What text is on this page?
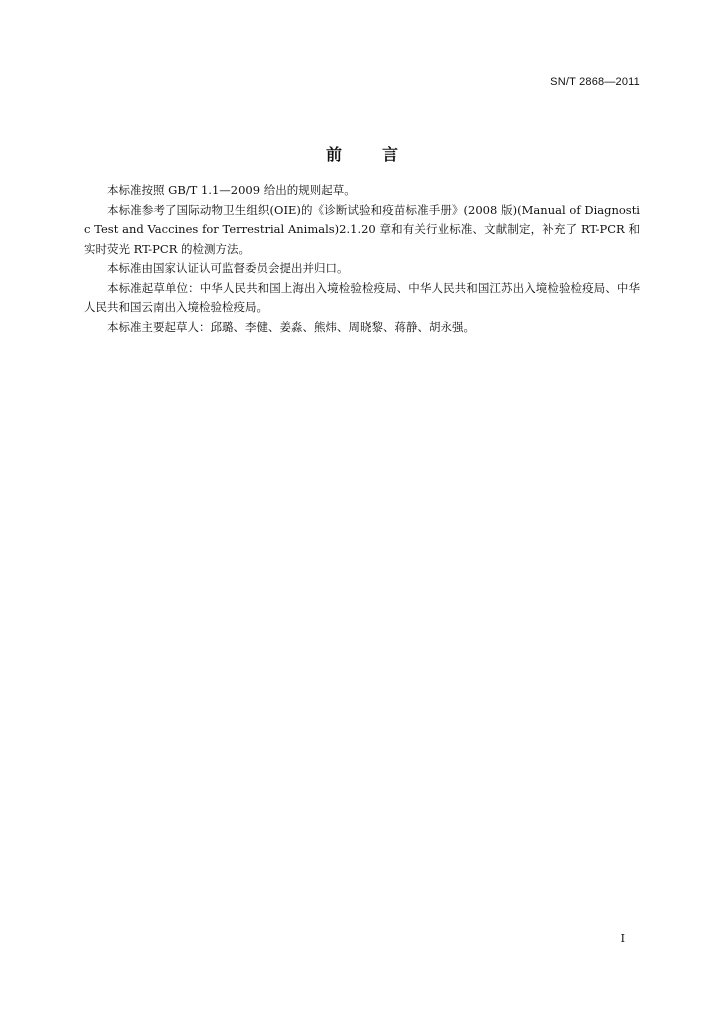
SN/T 2868—2011
前言

本标准按照 GB/T 1.1—2009 给出的规则起草。

本标准参考了国际动物卫生组织(OIE)的《诊断试验和疫苗标准手册》(2008 版)(Manual of Diagnostic Test and Vaccines for Terrestrial Animals)2.1.20 章和有关行业标准、文献制定，补充了 RT-PCR 和实时荧光 RT-PCR 的检测方法。

本标准由国家认证认可监督委员会提出并归口。

本标准起草单位：中华人民共和国上海出入境检验检疫局、中华人民共和国江苏出入境检验检疫局、中华人民共和国云南出入境检验检疫局。

本标准主要起草人：邱璐、李健、姜淼、熊炜、周晓黎、蒋静、胡永强。

I
